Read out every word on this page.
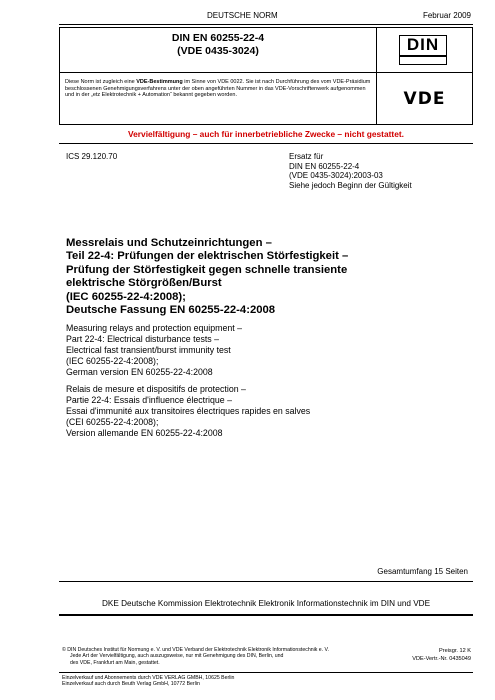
DEUTSCHE NORM	Februar 2009
DIN EN 60255-22-4
(VDE 0435-3024)	DIN
Diese Norm ist zugleich eine VDE-Bestimmung im Sinne von VDE 0022. Sie ist nach Durchführung des vom VDE-Präsidium beschlossenen Genehmigungsverfahrens unter der oben angeführten Nummer in das VDE-Vorschriftenwerk aufgenommen und in der „etz Elektrotechnik + Automation“ bekannt gegeben worden.	VDE
Vervielfältigung – auch für innerbetriebliche Zwecke – nicht gestattet.
ICS 29.120.70	Ersatz für
DIN EN 60255-22-4
(VDE 0435-3024):2003-03
Siehe jedoch Beginn der Gültigkeit
Messrelais und Schutzeinrichtungen –
Teil 22-4: Prüfungen der elektrischen Störfestigkeit –
Prüfung der Störfestigkeit gegen schnelle transiente
elektrische Störgrößen/Burst
(IEC 60255-22-4:2008);
Deutsche Fassung EN 60255-22-4:2008
Measuring relays and protection equipment –
Part 22-4: Electrical disturbance tests –
Electrical fast transient/burst immunity test
(IEC 60255-22-4:2008);
German version EN 60255-22-4:2008
Relais de mesure et dispositifs de protection –
Partie 22-4: Essais d'influence électrique –
Essai d'immunité aux transitoires électriques rapides en salves
(CEI 60255-22-4:2008);
Version allemande EN 60255-22-4:2008
Gesamtumfang 15 Seiten
DKE Deutsche Kommission Elektrotechnik Elektronik Informationstechnik im DIN und VDE
© DIN Deutsches Institut für Normung e. V. und VDE Verband der Elektrotechnik Elektronik Informationstechnik e. V.
Jede Art der Vervielfältigung, auch auszugsweise, nur mit Genehmigung des DIN, Berlin, und
des VDE, Frankfurt am Main, gestattet.
Preisgr. 12 K
VDE-Vertr.-Nr. 0435049
Einzelverkauf und Abonnements durch VDE VERLAG GMBH, 10625 Berlin
Einzelverkauf auch durch Beuth Verlag GmbH, 10772 Berlin
